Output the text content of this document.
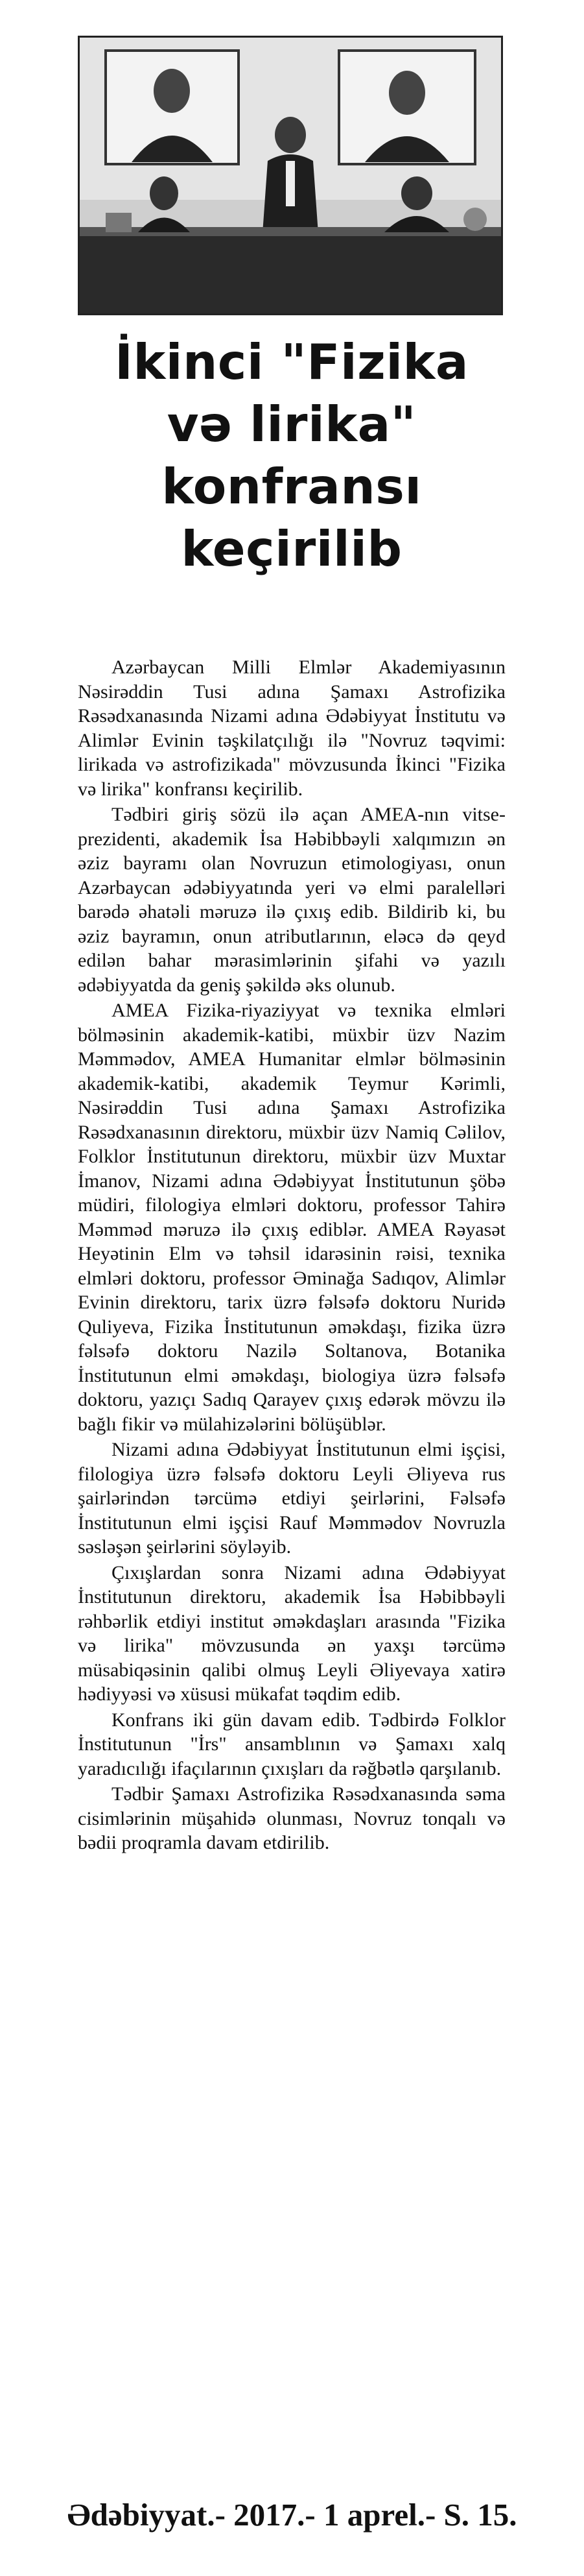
İkinci "Fizika
və lirika"
konfransı
keçirilib

Azərbaycan Milli Elmlər Akademiyasının Nəsirəddin Tusi adına Şamaxı Astrofizika Rəsədxanasında Nizami adına Ədəbiyyat İnstitutu və Alimlər Evinin təşkilatçılığı ilə "Novruz təqvimi: lirikada və astrofizikada" mövzusunda İkinci "Fizika və lirika" konfransı keçirilib.

Tədbiri giriş sözü ilə açan AMEA-nın vitse-prezidenti, akademik İsa Həbibbəyli xalqımızın ən əziz bayramı olan Novruzun etimologiyası, onun Azərbaycan ədəbiyyatında yeri və elmi paralelləri barədə əhatəli məruzə ilə çıxış edib. Bildirib ki, bu əziz bayramın, onun atributlarının, eləcə də qeyd edilən bahar mərasimlərinin şifahi və yazılı ədəbiyyatda da geniş şəkildə əks olunub.

AMEA Fizika-riyaziyyat və texnika elmləri bölməsinin akademik-katibi, müxbir üzv Nazim Məmmədov, AMEA Humanitar elmlər bölməsinin akademik-katibi, akademik Teymur Kərimli, Nəsirəddin Tusi adına Şamaxı Astrofizika Rəsədxanasının direktoru, müxbir üzv Namiq Cəlilov, Folklor İnstitutunun direktoru, müxbir üzv Muxtar İmanov, Nizami adına Ədəbiyyat İnstitutunun şöbə müdiri, filologiya elmləri doktoru, professor Tahirə Məmməd məruzə ilə çıxış ediblər. AMEA Rəyasət Heyətinin Elm və təhsil idarəsinin rəisi, texnika elmləri doktoru, professor Əminağa Sadıqov, Alimlər Evinin direktoru, tarix üzrə fəlsəfə doktoru Nuridə Quliyeva, Fizika İnstitutunun əməkdaşı, fizika üzrə fəlsəfə doktoru Nazilə Soltanova, Botanika İnstitutunun elmi əməkdaşı, biologiya üzrə fəlsəfə doktoru, yazıçı Sadıq Qarayev çıxış edərək mövzu ilə bağlı fikir və mülahizələrini bölüşüblər.

Nizami adına Ədəbiyyat İnstitutunun elmi işçisi, filologiya üzrə fəlsəfə doktoru Leyli Əliyeva rus şairlərindən tərcümə etdiyi şeirlərini, Fəlsəfə İnstitutunun elmi işçisi Rauf Məmmədov Novruzla səsləşən şeirlərini söyləyib.

Çıxışlardan sonra Nizami adına Ədəbiyyat İnstitutunun direktoru, akademik İsa Həbibbəyli rəhbərlik etdiyi institut əməkdaşları arasında "Fizika və lirika" mövzusunda ən yaxşı tərcümə müsabiqəsinin qalibi olmuş Leyli Əliyevaya xatirə hədiyyəsi və xüsusi mükafat təqdim edib.

Konfrans iki gün davam edib. Tədbirdə Folklor İnstitutunun "İrs" ansamblının və Şamaxı xalq yaradıcılığı ifaçılarının çıxışları da rəğbətlə qarşılanıb.

Tədbir Şamaxı Astrofizika Rəsədxanasında səma cisimlərinin müşahidə olunması, Novruz tonqalı və bədii proqramla davam etdirilib.

Ədəbiyyat.- 2017.- 1 aprel.- S. 15.
